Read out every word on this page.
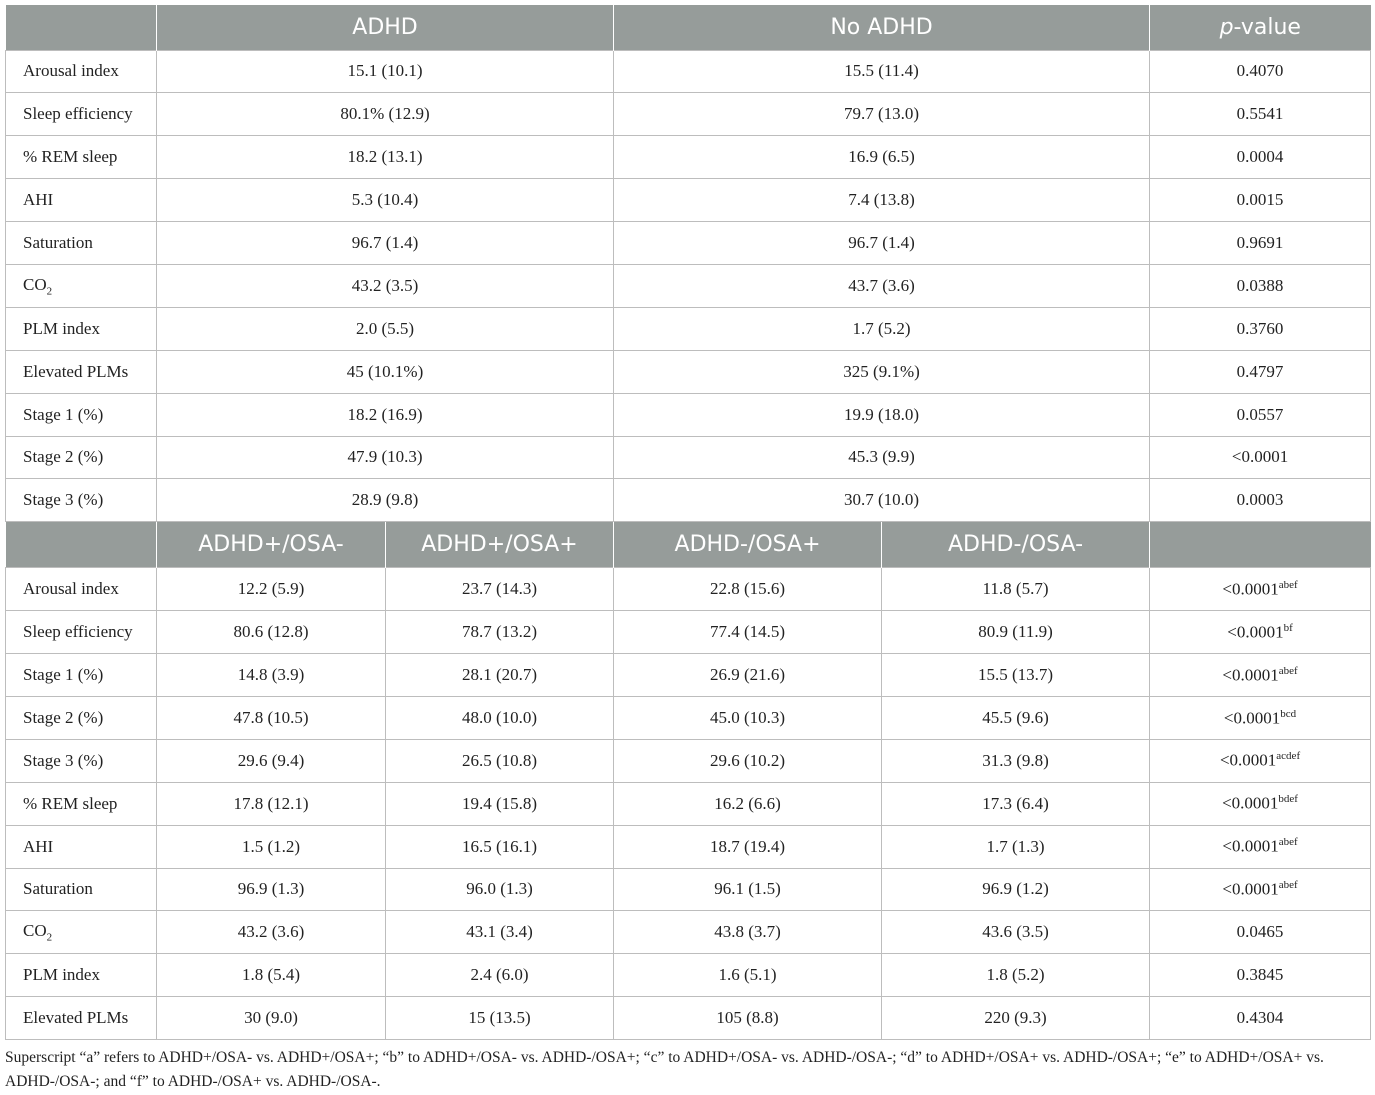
	ADHD		No ADHD		p-value
Arousal index	15.1 (10.1)		15.5 (11.4)		0.4070
Sleep efficiency	80.1% (12.9)		79.7 (13.0)		0.5541
% REM sleep	18.2 (13.1)		16.9 (6.5)		0.0004
AHI	5.3 (10.4)		7.4 (13.8)		0.0015
Saturation	96.7 (1.4)		96.7 (1.4)		0.9691
$CO_2$	43.2 (3.5)		43.7 (3.6)		0.0388
PLM index	2.0 (5.5)		1.7 (5.2)		0.3760
Elevated PLMs	45 (10.1%)		325 (9.1%)		0.4797
Stage 1 (%)	18.2 (16.9)		19.9 (18.0)		0.0557
Stage 2 (%)	47.9 (10.3)		45.3 (9.9)		<0.0001
Stage 3 (%)	28.9 (9.8)		30.7 (10.0)		0.0003
	ADHD+/OSA-	ADHD+/OSA+	ADHD-/OSA+	ADHD-/OSA-	
Arousal index	12.2 (5.9)	23.7 (14.3)	22.8 (15.6)	11.8 (5.7)	$<0.0001^{abef}$
Sleep efficiency	80.6 (12.8)	78.7 (13.2)	77.4 (14.5)	80.9 (11.9)	<0.0001$^{bf}$
Stage 1 (%)	14.8 (3.9)	28.1 (20.7)	26.9 (21.6)	15.5 (13.7)	$<0.0001^{abef}$
Stage 2 (%)	47.8 (10.5)	48.0 (10.0)	45.0 (10.3)	45.5 (9.6)	<0.0001$^{bcd}$
Stage 3 (%)	29.6 (9.4)	26.5 (10.8)	29.6 (10.2)	31.3 (9.8)	$<0.0001^{acdef}$
% REM sleep	17.8 (12.1)	19.4 (15.8)	16.2 (6.6)	17.3 (6.4)	$<0.0001^{bdef}$
AHI	1.5 (1.2)	16.5 (16.1)	18.7 (19.4)	1.7 (1.3)	$<0.0001^{abef}$
Saturation	96.9 (1.3)	96.0 (1.3)	96.1 (1.5)	96.9 (1.2)	$<0.0001^{abef}$
$CO_2$	43.2 (3.6)	43.1 (3.4)	43.8 (3.7)	43.6 (3.5)	0.0465
PLM index	1.8 (5.4)	2.4 (6.0)	1.6 (5.1)	1.8 (5.2)	0.3845
Elevated PLMs	30 (9.0)	15 (13.5)	105 (8.8)	220 (9.3)	0.4304
Superscript “a” refers to ADHD+/OSA- vs. ADHD+/OSA+; “b” to ADHD+/OSA- vs. ADHD-/OSA+; “c” to ADHD+/OSA- vs. ADHD-/OSA-; “d” to ADHD+/OSA+ vs. ADHD-/OSA+; “e” to ADHD+/OSA+ vs. ADHD-/OSA-; and “f” to ADHD-/OSA+ vs. ADHD-/OSA-.
